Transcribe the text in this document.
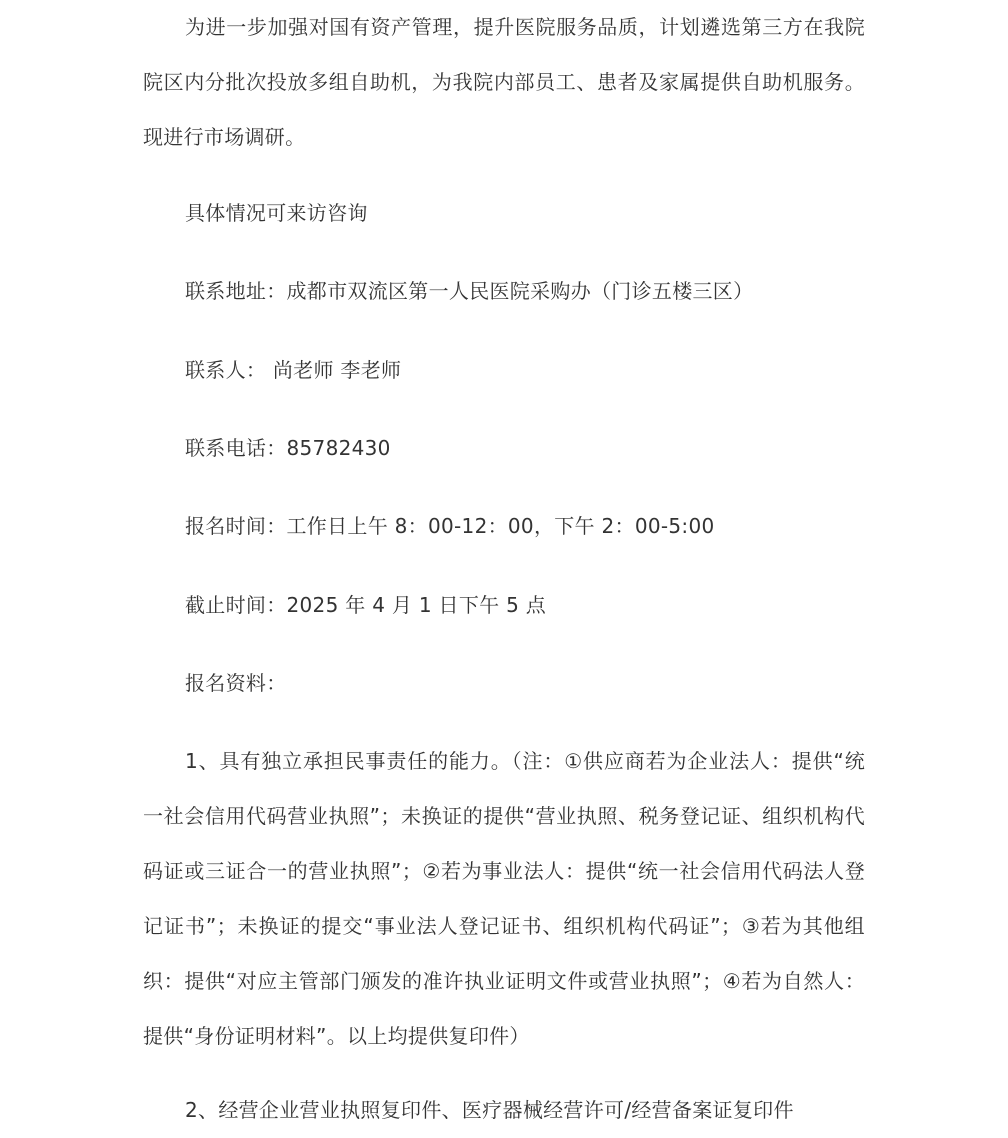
为进一步加强对国有资产管理，提升医院服务品质，计划遴选第三方在我院院区内分批次投放多组自助机，为我院内部员工、患者及家属提供自助机服务。现进行市场调研。

具体情况可来访咨询

联系地址：成都市双流区第一人民医院采购办（门诊五楼三区）

联系人： 尚老师 李老师

联系电话：85782430

报名时间：工作日上午 8：00-12：00，下午 2：00-5:00

截止时间：2025 年 4 月 1 日下午 5 点

报名资料：

1、具有独立承担民事责任的能力。（注：①供应商若为企业法人：提供“统一社会信用代码营业执照”；未换证的提供“营业执照、税务登记证、组织机构代码证或三证合一的营业执照”；②若为事业法人：提供“统一社会信用代码法人登记证书”；未换证的提交“事业法人登记证书、组织机构代码证”；③若为其他组织：提供“对应主管部门颁发的准许执业证明文件或营业执照”；④若为自然人：提供“身份证明材料”。以上均提供复印件）

2、经营企业营业执照复印件、医疗器械经营许可/经营备案证复印件
